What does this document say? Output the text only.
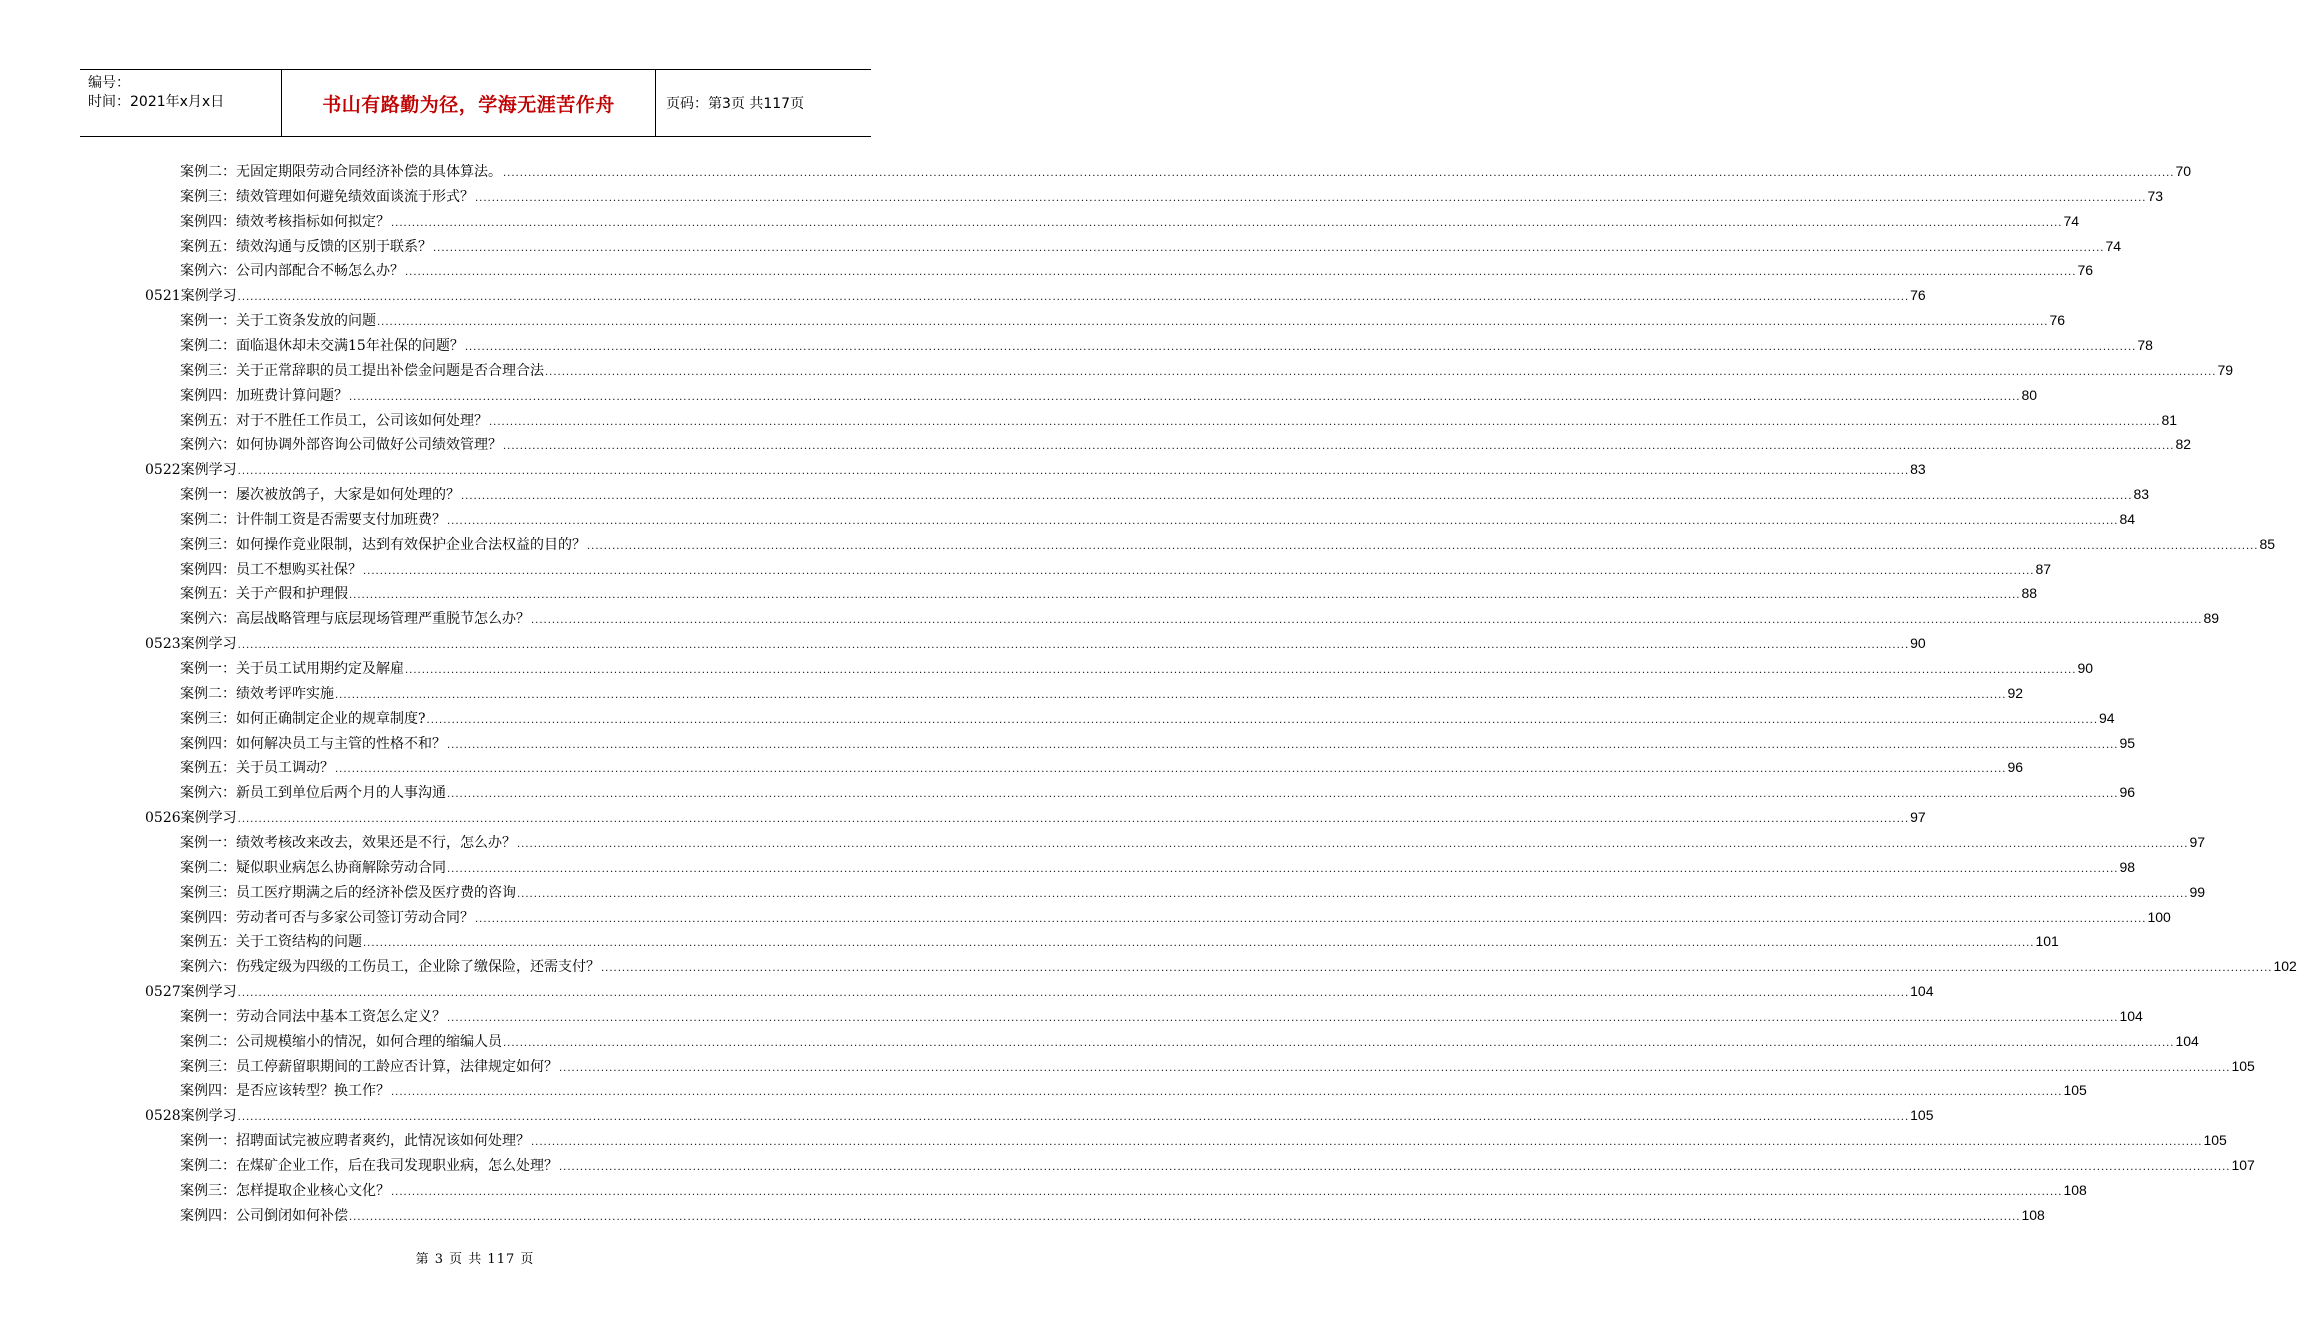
编号：
时间：2021年x月x日	书山有路勤为径，学海无涯苦作舟	页码：第3页 共117页
案例二：无固定期限劳动合同经济补偿的具体算法。 ................................................................................................................................................................................................................................................................................................................................................................................................................ 70
案例三：绩效管理如何避免绩效面谈流于形式？ ................................................................................................................................................................................................................................................................................................................................................................................................................ 73
案例四：绩效考核指标如何拟定？ ................................................................................................................................................................................................................................................................................................................................................................................................................ 74
案例五：绩效沟通与反馈的区别于联系？ ................................................................................................................................................................................................................................................................................................................................................................................................................ 74
案例六：公司内部配合不畅怎么办？ ................................................................................................................................................................................................................................................................................................................................................................................................................ 76
0521案例学习 ................................................................................................................................................................................................................................................................................................................................................................................................................ 76
案例一：关于工资条发放的问题 ................................................................................................................................................................................................................................................................................................................................................................................................................ 76
案例二：面临退休却未交满15年社保的问题？ ................................................................................................................................................................................................................................................................................................................................................................................................................ 78
案例三：关于正常辞职的员工提出补偿金问题是否合理合法 ................................................................................................................................................................................................................................................................................................................................................................................................................ 79
案例四：加班费计算问题？ ................................................................................................................................................................................................................................................................................................................................................................................................................ 80
案例五：对于不胜任工作员工，公司该如何处理？ ................................................................................................................................................................................................................................................................................................................................................................................................................ 81
案例六：如何协调外部咨询公司做好公司绩效管理？ ................................................................................................................................................................................................................................................................................................................................................................................................................ 82
0522案例学习 ................................................................................................................................................................................................................................................................................................................................................................................................................ 83
案例一：屡次被放鸽子，大家是如何处理的？ ................................................................................................................................................................................................................................................................................................................................................................................................................ 83
案例二：计件制工资是否需要支付加班费？ ................................................................................................................................................................................................................................................................................................................................................................................................................ 84
案例三：如何操作竞业限制，达到有效保护企业合法权益的目的？ ................................................................................................................................................................................................................................................................................................................................................................................................................ 85
案例四：员工不想购买社保？ ................................................................................................................................................................................................................................................................................................................................................................................................................ 87
案例五：关于产假和护理假 ................................................................................................................................................................................................................................................................................................................................................................................................................ 88
案例六：高层战略管理与底层现场管理严重脱节怎么办？ ................................................................................................................................................................................................................................................................................................................................................................................................................ 89
0523案例学习 ................................................................................................................................................................................................................................................................................................................................................................................................................ 90
案例一：关于员工试用期约定及解雇 ................................................................................................................................................................................................................................................................................................................................................................................................................ 90
案例二：绩效考评咋实施 ................................................................................................................................................................................................................................................................................................................................................................................................................ 92
案例三：如何正确制定企业的规章制度? ................................................................................................................................................................................................................................................................................................................................................................................................................ 94
案例四：如何解决员工与主管的性格不和？ ................................................................................................................................................................................................................................................................................................................................................................................................................ 95
案例五：关于员工调动？ ................................................................................................................................................................................................................................................................................................................................................................................................................ 96
案例六：新员工到单位后两个月的人事沟通 ................................................................................................................................................................................................................................................................................................................................................................................................................ 96
0526案例学习 ................................................................................................................................................................................................................................................................................................................................................................................................................ 97
案例一：绩效考核改来改去，效果还是不行，怎么办？ ................................................................................................................................................................................................................................................................................................................................................................................................................ 97
案例二：疑似职业病怎么协商解除劳动合同 ................................................................................................................................................................................................................................................................................................................................................................................................................ 98
案例三：员工医疗期满之后的经济补偿及医疗费的咨询 ................................................................................................................................................................................................................................................................................................................................................................................................................ 99
案例四：劳动者可否与多家公司签订劳动合同？ ................................................................................................................................................................................................................................................................................................................................................................................................................ 100
案例五：关于工资结构的问题 ................................................................................................................................................................................................................................................................................................................................................................................................................ 101
案例六：伤残定级为四级的工伤员工，企业除了缴保险，还需支付？ ................................................................................................................................................................................................................................................................................................................................................................................................................ 102
0527案例学习 ................................................................................................................................................................................................................................................................................................................................................................................................................ 104
案例一：劳动合同法中基本工资怎么定义？ ................................................................................................................................................................................................................................................................................................................................................................................................................ 104
案例二：公司规模缩小的情况，如何合理的缩编人员 ................................................................................................................................................................................................................................................................................................................................................................................................................ 104
案例三：员工停薪留职期间的工龄应否计算，法律规定如何？ ................................................................................................................................................................................................................................................................................................................................................................................................................ 105
案例四：是否应该转型？换工作？ ................................................................................................................................................................................................................................................................................................................................................................................................................ 105
0528案例学习 ................................................................................................................................................................................................................................................................................................................................................................................................................ 105
案例一：招聘面试完被应聘者爽约，此情况该如何处理？ ................................................................................................................................................................................................................................................................................................................................................................................................................ 105
案例二：在煤矿企业工作，后在我司发现职业病，怎么处理？ ................................................................................................................................................................................................................................................................................................................................................................................................................ 107
案例三：怎样提取企业核心文化？ ................................................................................................................................................................................................................................................................................................................................................................................................................ 108
案例四：公司倒闭如何补偿 ................................................................................................................................................................................................................................................................................................................................................................................................................ 108
第 3 页 共 117 页
